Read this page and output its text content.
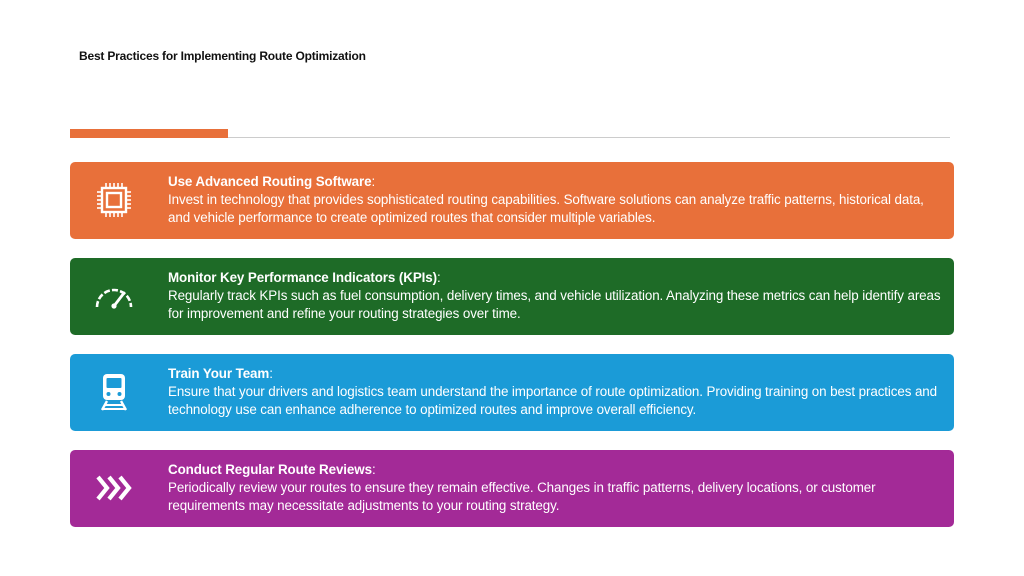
Best Practices for Implementing Route Optimization
Use Advanced Routing Software:
Invest in technology that provides sophisticated routing capabilities. Software solutions can analyze traffic patterns, historical data, and vehicle performance to create optimized routes that consider multiple variables.
Monitor Key Performance Indicators (KPIs):
Regularly track KPIs such as fuel consumption, delivery times, and vehicle utilization. Analyzing these metrics can help identify areas for improvement and refine your routing strategies over time.
Train Your Team:
Ensure that your drivers and logistics team understand the importance of route optimization. Providing training on best practices and technology use can enhance adherence to optimized routes and improve overall efficiency.
Conduct Regular Route Reviews:
Periodically review your routes to ensure they remain effective. Changes in traffic patterns, delivery locations, or customer requirements may necessitate adjustments to your routing strategy.
